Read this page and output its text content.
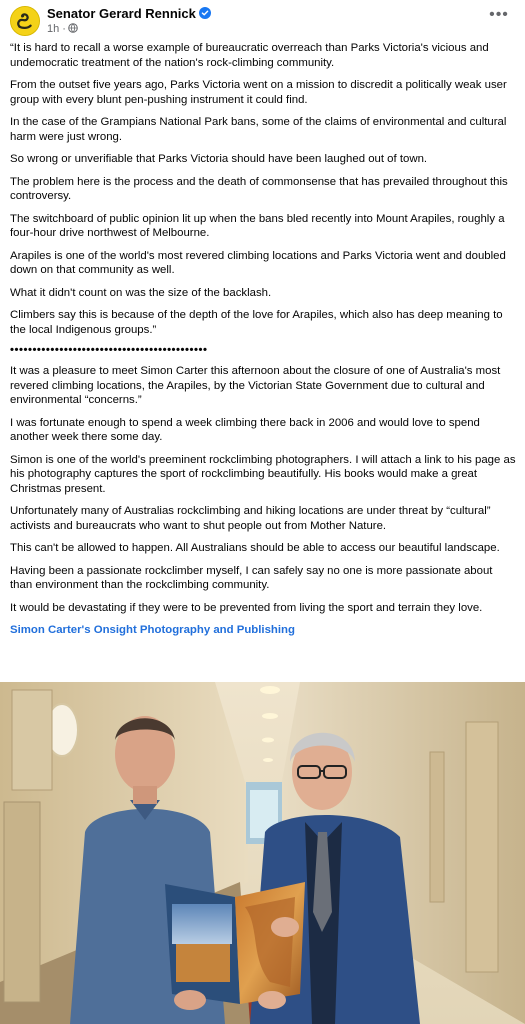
Senator Gerard Rennick
1h ·
•••

“It is hard to recall a worse example of bureaucratic overreach than Parks Victoria's vicious and undemocratic treatment of the nation's rock-climbing community.

From the outset five years ago, Parks Victoria went on a mission to discredit a politically weak user group with every blunt pen-pushing instrument it could find.

In the case of the Grampians National Park bans, some of the claims of environmental and cultural harm were just wrong.

So wrong or unverifiable that Parks Victoria should have been laughed out of town.

The problem here is the process and the death of commonsense that has prevailed throughout this controversy.

The switchboard of public opinion lit up when the bans bled recently into Mount Arapiles, roughly a four-hour drive northwest of Melbourne.

Arapiles is one of the world's most revered climbing locations and Parks Victoria went and doubled down on that community as well.

What it didn't count on was the size of the backlash.

Climbers say this is because of the depth of the love for Arapiles, which also has deep meaning to the local Indigenous groups.”

••••••••••••••••••••••••••••••••••••••••••••

It was a pleasure to meet Simon Carter this afternoon about the closure of one of Australia's most revered climbing locations, the Arapiles, by the Victorian State Government due to cultural and environmental “concerns.”

I was fortunate enough to spend a week climbing there back in 2006 and would love to spend another week there some day.

Simon is one of the world's preeminent rockclimbing photographers. I will attach a link to his page as his photography captures the sport of rockclimbing beautifully. His books would make a great Christmas present.

Unfortunately many of Australias rockclimbing and hiking locations are under threat by “cultural” activists and bureaucrats who want to shut people out from Mother Nature.

This can't be allowed to happen. All Australians should be able to access our beautiful landscape.

Having been a passionate rockclimber myself, I can safely say no one is more passionate about than environment than the rockclimbing community.

It would be devastating if they were to be prevented from living the sport and terrain they love.

Simon Carter's Onsight Photography and Publishing
